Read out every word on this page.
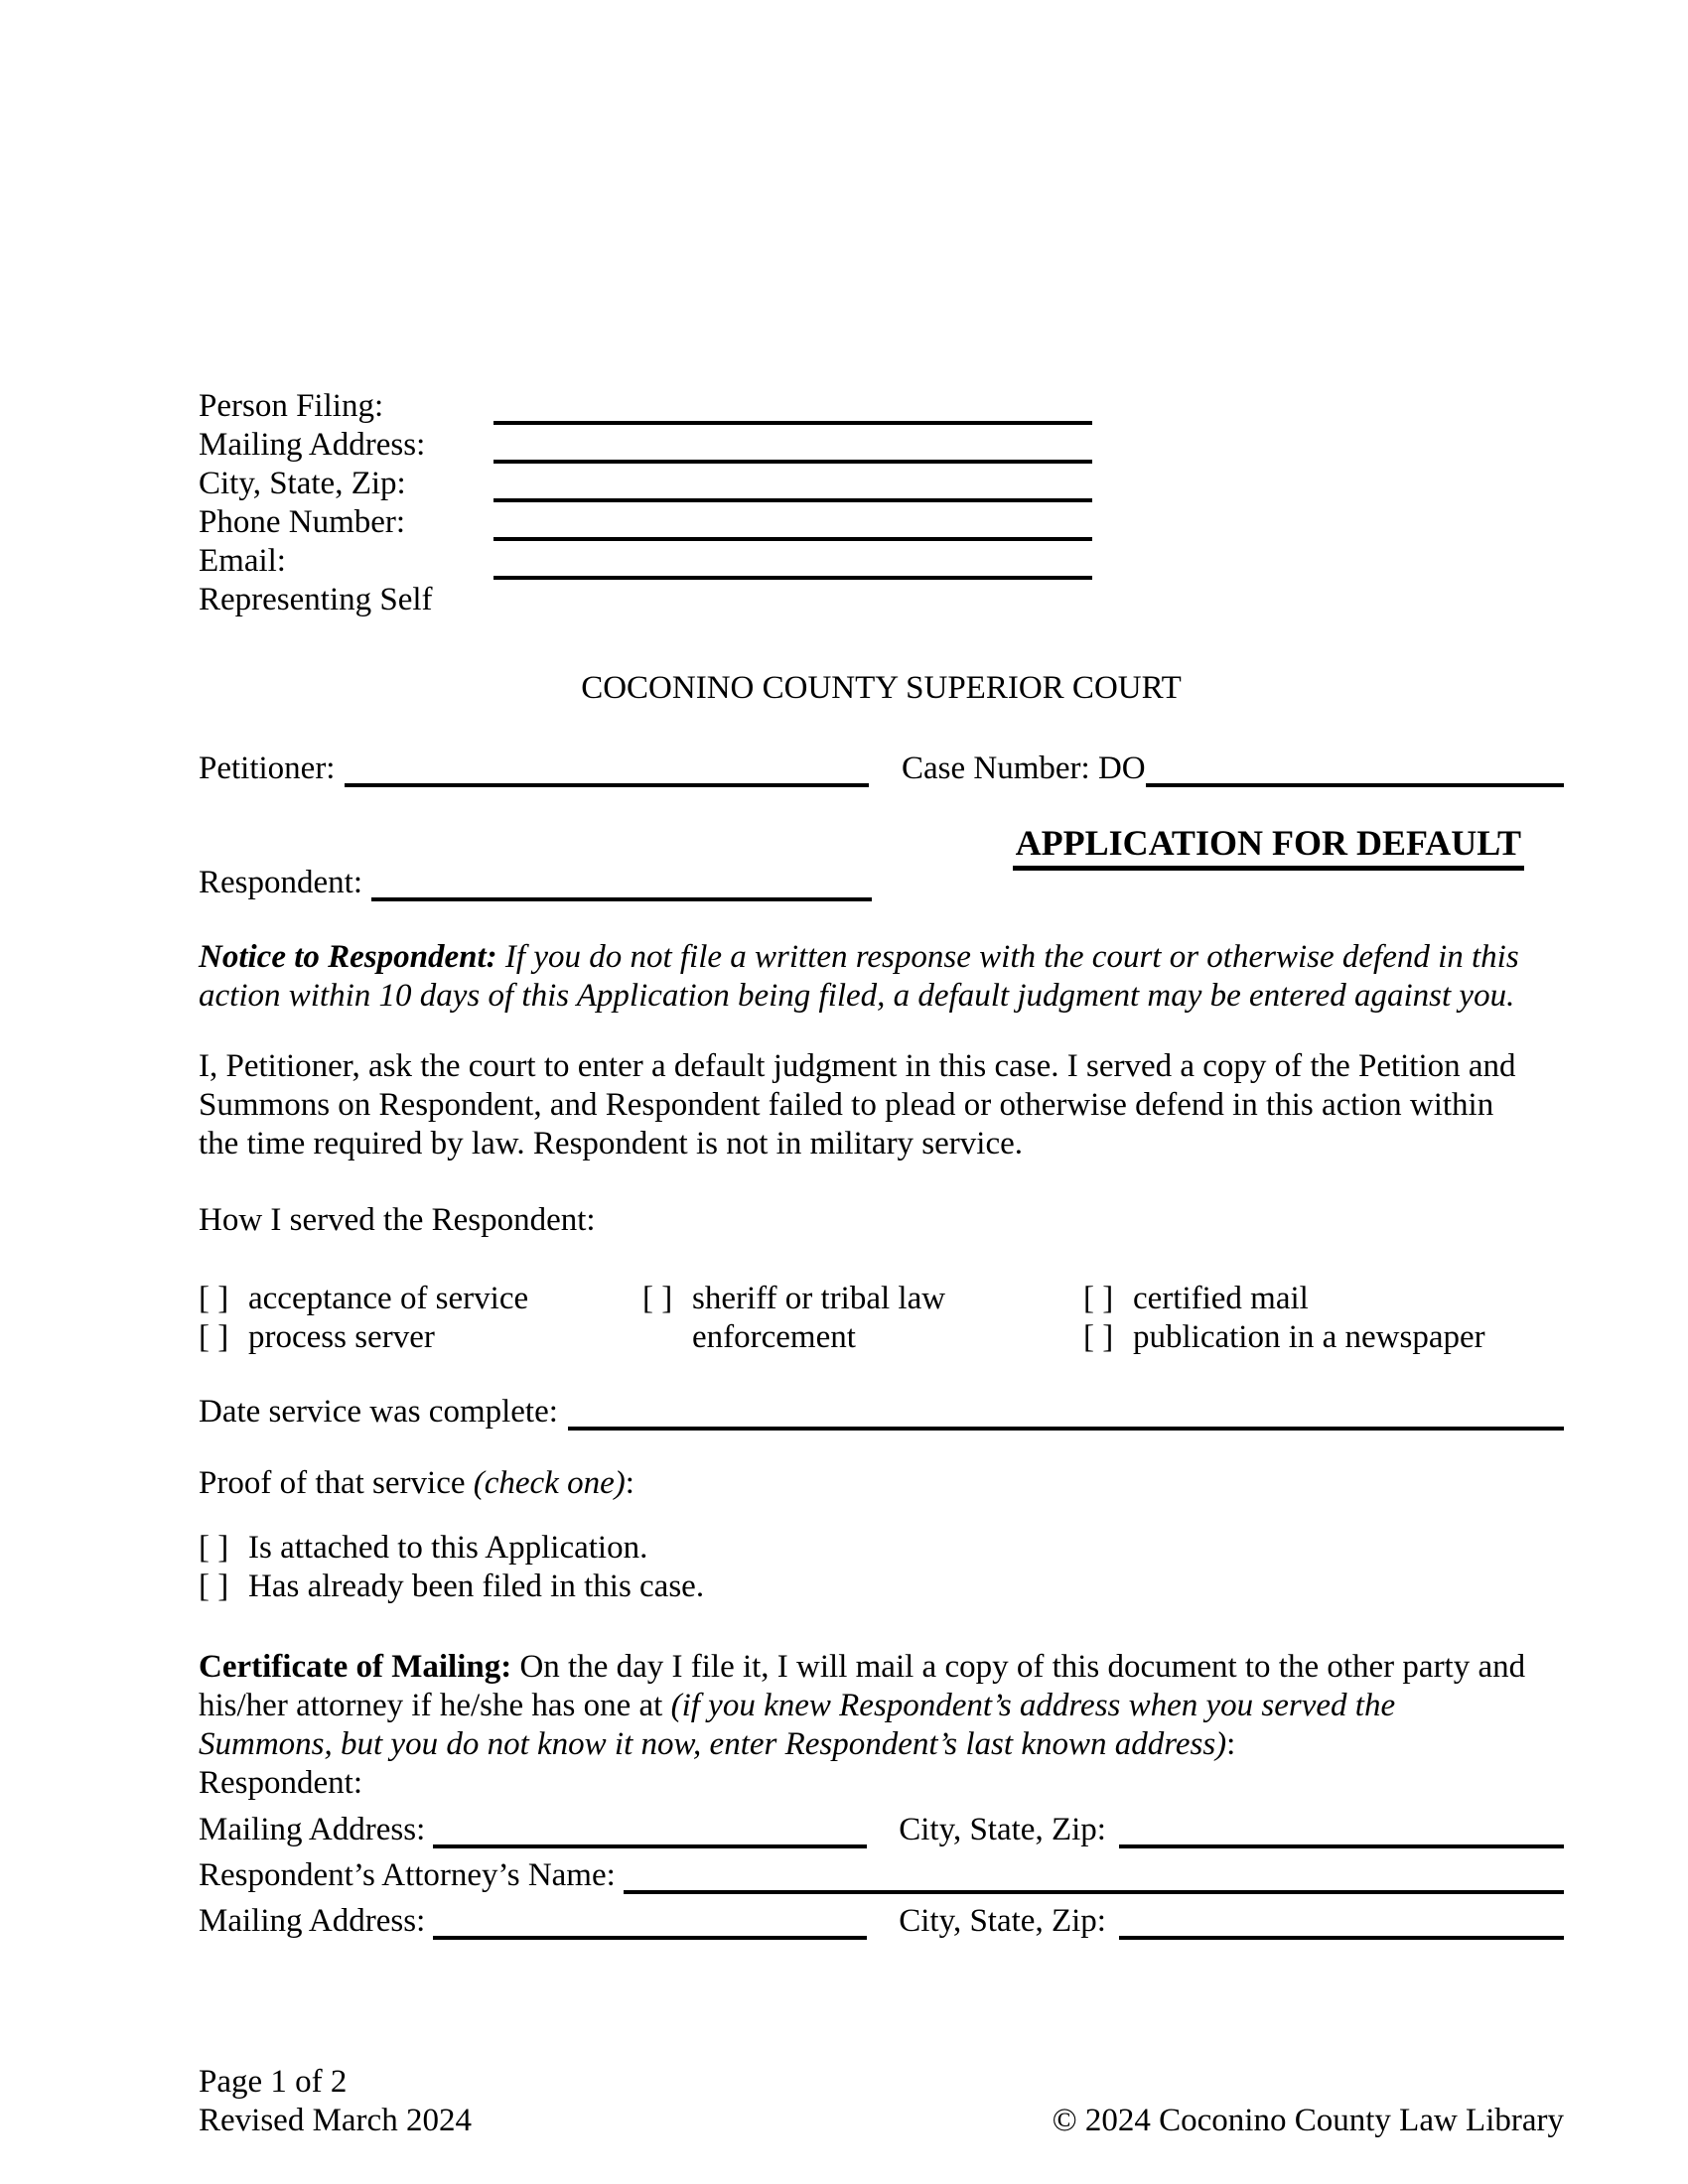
Person Filing:
Mailing Address:
City, State, Zip:
Phone Number:
Email:
Representing Self
COCONINO COUNTY SUPERIOR COURT
Petitioner:	Case Number: DO
APPLICATION FOR DEFAULT
Respondent:
Notice to Respondent: If you do not file a written response with the court or otherwise defend in this action within 10 days of this Application being filed, a default judgment may be entered against you.
I, Petitioner, ask the court to enter a default judgment in this case. I served a copy of the Petition and Summons on Respondent, and Respondent failed to plead or otherwise defend in this action within the time required by law. Respondent is not in military service.
How I served the Respondent:
[ ] acceptance of service
[ ] process server
[ ] sheriff or tribal law
enforcement
[ ] certified mail
[ ] publication in a newspaper
Date service was complete:
Proof of that service (check one):
[ ] Is attached to this Application.
[ ] Has already been filed in this case.
Certificate of Mailing: On the day I file it, I will mail a copy of this document to the other party and his/her attorney if he/she has one at (if you knew Respondent’s address when you served the Summons, but you do not know it now, enter Respondent’s last known address):
Respondent:
Mailing Address:	City, State, Zip:
Respondent’s Attorney’s Name:
Mailing Address:	City, State, Zip:
Page 1 of 2
Revised March 2024	© 2024 Coconino County Law Library
